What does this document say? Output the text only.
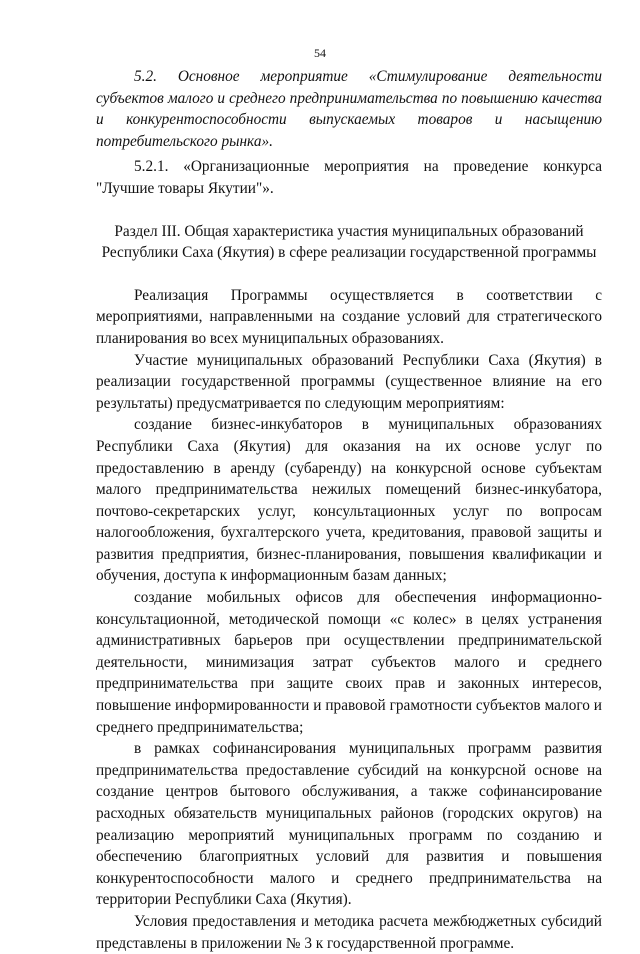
54

5.2. Основное мероприятие «Стимулирование деятельности субъектов малого и среднего предпринимательства по повышению качества и конкурентоспособности выпускаемых товаров и насыщению потребительского рынка».

5.2.1. «Организационные мероприятия на проведение конкурса "Лучшие товары Якутии"».

Раздел III. Общая характеристика участия муниципальных образований Республики Саха (Якутия) в сфере реализации государственной программы

Реализация Программы осуществляется в соответствии с мероприятиями, направленными на создание условий для стратегического планирования во всех муниципальных образованиях.

Участие муниципальных образований Республики Саха (Якутия) в реализации государственной программы (существенное влияние на его результаты) предусматривается по следующим мероприятиям:

создание бизнес-инкубаторов в муниципальных образованиях Республики Саха (Якутия) для оказания на их основе услуг по предоставлению в аренду (субаренду) на конкурсной основе субъектам малого предпринимательства нежилых помещений бизнес-инкубатора, почтово-секретарских услуг, консультационных услуг по вопросам налогообложения, бухгалтерского учета, кредитования, правовой защиты и развития предприятия, бизнес-планирования, повышения квалификации и обучения, доступа к информационным базам данных;

создание мобильных офисов для обеспечения информационно-консультационной, методической помощи «с колес» в целях устранения административных барьеров при осуществлении предпринимательской деятельности, минимизация затрат субъектов малого и среднего предпринимательства при защите своих прав и законных интересов, повышение информированности и правовой грамотности субъектов малого и среднего предпринимательства;

в рамках софинансирования муниципальных программ развития предпринимательства предоставление субсидий на конкурсной основе на создание центров бытового обслуживания, а также софинансирование расходных обязательств муниципальных районов (городских округов) на реализацию мероприятий муниципальных программ по созданию и обеспечению благоприятных условий для развития и повышения конкурентоспособности малого и среднего предпринимательства на территории Республики Саха (Якутия).

Условия предоставления и методика расчета межбюджетных субсидий представлены в приложении № 3 к государственной программе.
